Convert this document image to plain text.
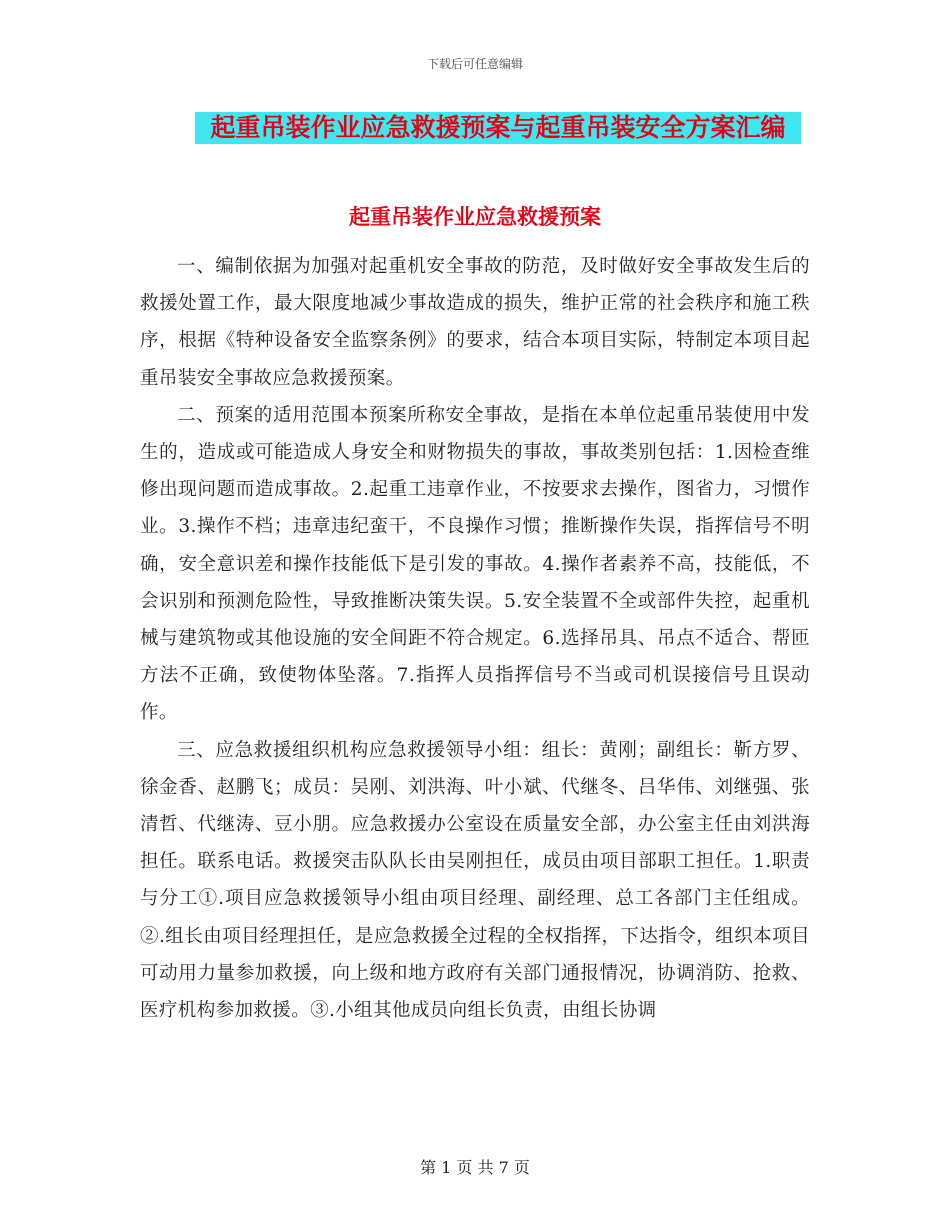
下载后可任意编辑
起重吊装作业应急救援预案与起重吊装安全方案汇编
起重吊装作业应急救援预案

一、编制依据为加强对起重机安全事故的防范，及时做好安全事故发生后的救援处置工作，最大限度地减少事故造成的损失，维护正常的社会秩序和施工秩序，根据《特种设备安全监察条例》的要求，结合本项目实际，特制定本项目起重吊装安全事故应急救援预案。

二、预案的适用范围本预案所称安全事故，是指在本单位起重吊装使用中发生的，造成或可能造成人身安全和财物损失的事故，事故类别包括：1.因检查维修出现问题而造成事故。2.起重工违章作业，不按要求去操作，图省力，习惯作业。3.操作不档；违章违纪蛮干，不良操作习惯；推断操作失误，指挥信号不明确，安全意识差和操作技能低下是引发的事故。4.操作者素养不高，技能低，不会识别和预测危险性，导致推断决策失误。5.安全装置不全或部件失控，起重机械与建筑物或其他设施的安全间距不符合规定。6.选择吊具、吊点不适合、帮匝方法不正确，致使物体坠落。7.指挥人员指挥信号不当或司机误接信号且误动作。

三、应急救援组织机构应急救援领导小组：组长：黄刚；副组长：靳方罗、徐金香、赵鹏飞；成员：吴刚、刘洪海、叶小斌、代继冬、吕华伟、刘继强、张清哲、代继涛、豆小朋。应急救援办公室设在质量安全部，办公室主任由刘洪海担任。联系电话。救援突击队队长由吴刚担任，成员由项目部职工担任。1.职责与分工①.项目应急救援领导小组由项目经理、副经理、总工各部门主任组成。②.组长由项目经理担任，是应急救援全过程的全权指挥，下达指令，组织本项目可动用力量参加救援，向上级和地方政府有关部门通报情况，协调消防、抢救、医疗机构参加救援。③.小组其他成员向组长负责，由组长协调

第 1 页 共 7 页
